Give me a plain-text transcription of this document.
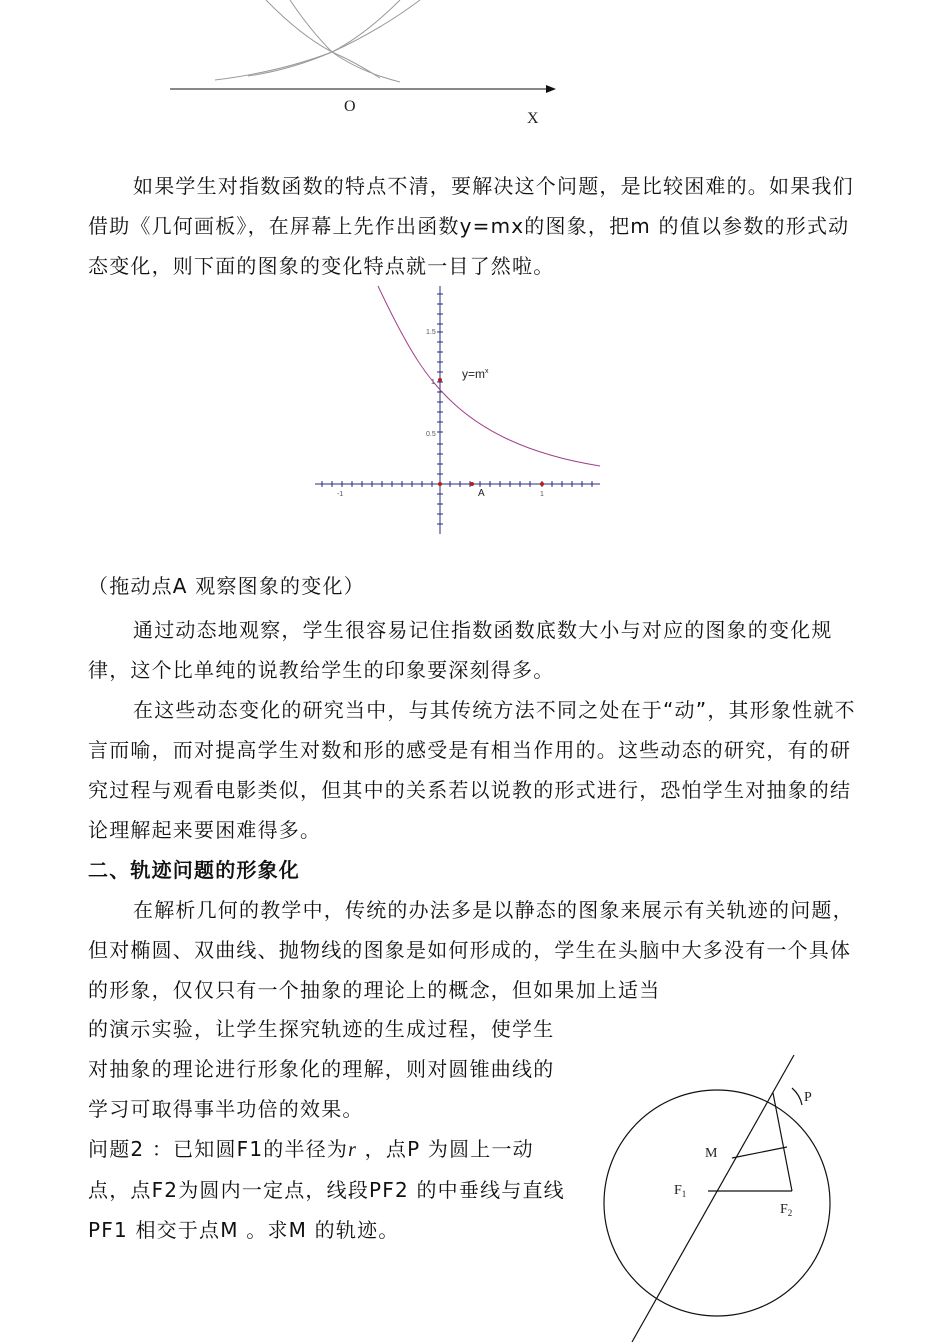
O
X

如果学生对指数函数的特点不清，要解决这个问题，是比较困难的。如果我们借助《几何画板》，在屏幕上先作出函数y=mx的图象，把m 的值以参数的形式动态变化，则下面的图象的变化特点就一目了然啦。

1.5
1
0.5
-1	1
A
$y=m^x$
（拖动点A 观察图象的变化）

通过动态地观察，学生很容易记住指数函数底数大小与对应的图象的变化规律，这个比单纯的说教给学生的印象要深刻得多。

在这些动态变化的研究当中，与其传统方法不同之处在于“动”，其形象性就不言而喻，而对提高学生对数和形的感受是有相当作用的。这些动态的研究，有的研究过程与观看电影类似，但其中的关系若以说教的形式进行，恐怕学生对抽象的结论理解起来要困难得多。

二、轨迹问题的形象化

在解析几何的教学中，传统的办法多是以静态的图象来展示有关轨迹的问题，但对椭圆、双曲线、抛物线的图象是如何形成的，学生在头脑中大多没有一个具体的形象，仅仅只有一个抽象的理论上的概念，但如果加上适当

的演示实验，让学生探究轨迹的生成过程，使学生对抽象的理论进行形象化的理解，则对圆锥曲线的学习可取得事半功倍的效果。

问题2 ：已知圆F1的半径为r ，点P 为圆上一动点，点F2为圆内一定点，线段PF2 的中垂线与直线PF1 相交于点M 。求M 的轨迹。

P
M
$F_1$
$F_2$
